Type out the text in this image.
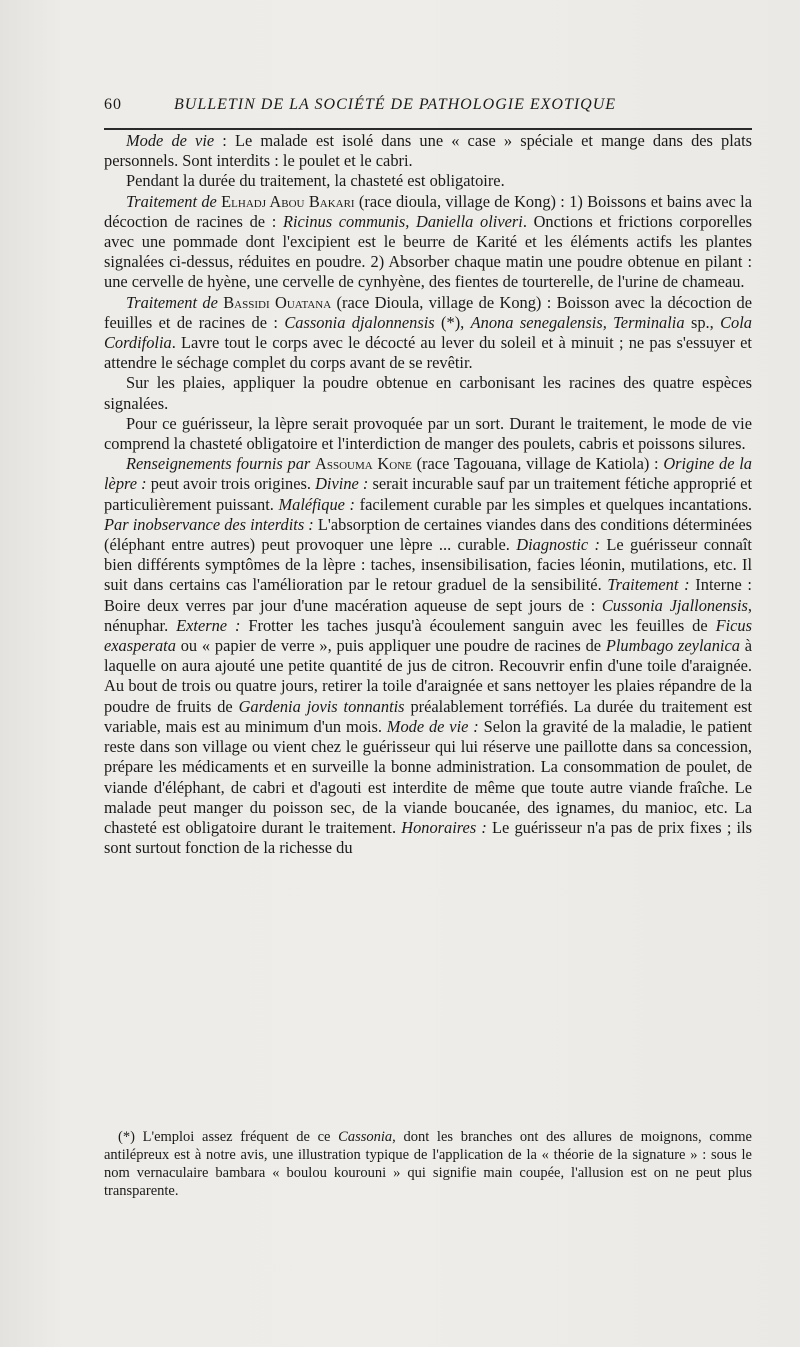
60	BULLETIN DE LA SOCIÉTÉ DE PATHOLOGIE EXOTIQUE

Mode de vie : Le malade est isolé dans une « case » spéciale et mange dans des plats personnels. Sont interdits : le poulet et le cabri.

Pendant la durée du traitement, la chasteté est obligatoire.

Traitement de Elhadj Abou Bakari (race dioula, village de Kong) : 1) Boissons et bains avec la décoction de racines de : Ricinus communis, Daniella oliveri. Onctions et frictions corporelles avec une pommade dont l'excipient est le beurre de Karité et les éléments actifs les plantes signalées ci-dessus, réduites en poudre. 2) Absorber chaque matin une poudre obtenue en pilant : une cervelle de hyène, une cervelle de cynhyène, des fientes de tourterelle, de l'urine de chameau.

Traitement de Bassidi Ouatana (race Dioula, village de Kong) : Boisson avec la décoction de feuilles et de racines de : Cassonia djalonnensis (*), Anona senegalensis, Terminalia sp., Cola Cordifolia. Lavre tout le corps avec le décocté au lever du soleil et à minuit ; ne pas s'essuyer et attendre le séchage complet du corps avant de se revêtir.

Sur les plaies, appliquer la poudre obtenue en carbonisant les racines des quatre espèces signalées.

Pour ce guérisseur, la lèpre serait provoquée par un sort. Durant le traitement, le mode de vie comprend la chasteté obligatoire et l'interdiction de manger des poulets, cabris et poissons silures.

Renseignements fournis par Assouma Kone (race Tagouana, village de Katiola) : Origine de la lèpre : peut avoir trois origines. Divine : serait incurable sauf par un traitement fétiche approprié et particulièrement puissant. Maléfique : facilement curable par les simples et quelques incantations. Par inobservance des interdits : L'absorption de certaines viandes dans des conditions déterminées (éléphant entre autres) peut provoquer une lèpre ... curable. Diagnostic : Le guérisseur connaît bien différents symptômes de la lèpre : taches, insensibilisation, facies léonin, mutilations, etc. Il suit dans certains cas l'amélioration par le retour graduel de la sensibilité. Traitement : Interne : Boire deux verres par jour d'une macération aqueuse de sept jours de : Cussonia Jjallonensis, nénuphar. Externe : Frotter les taches jusqu'à écoulement sanguin avec les feuilles de Ficus exasperata ou « papier de verre », puis appliquer une poudre de racines de Plumbago zeylanica à laquelle on aura ajouté une petite quantité de jus de citron. Recouvrir enfin d'une toile d'araignée. Au bout de trois ou quatre jours, retirer la toile d'araignée et sans nettoyer les plaies répandre de la poudre de fruits de Gardenia jovis tonnantis préalablement torréfiés. La durée du traitement est variable, mais est au minimum d'un mois. Mode de vie : Selon la gravité de la maladie, le patient reste dans son village ou vient chez le guérisseur qui lui réserve une paillotte dans sa concession, prépare les médicaments et en surveille la bonne administration. La consommation de poulet, de viande d'éléphant, de cabri et d'agouti est interdite de même que toute autre viande fraîche. Le malade peut manger du poisson sec, de la viande boucanée, des ignames, du manioc, etc. La chasteté est obligatoire durant le traitement. Honoraires : Le guérisseur n'a pas de prix fixes ; ils sont surtout fonction de la richesse du

(*) L'emploi assez fréquent de ce Cassonia, dont les branches ont des allures de moignons, comme antilépreux est à notre avis, une illustration typique de l'application de la « théorie de la signature » : sous le nom vernaculaire bambara « boulou kourouni » qui signifie main coupée, l'allusion est on ne peut plus transparente.
